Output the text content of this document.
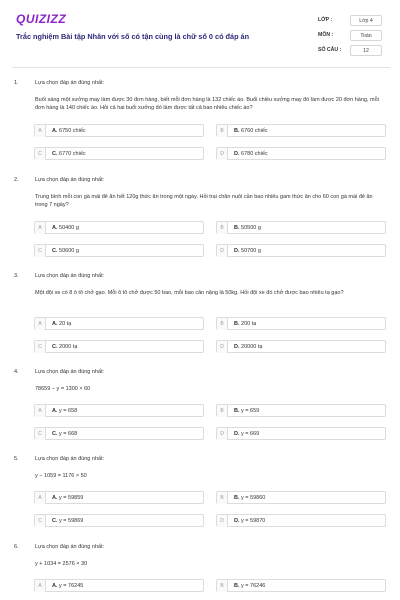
QUIZIZZ
Trắc nghiệm Bài tập Nhân với số có tận cùng là chữ số 0 có đáp án
LỚP :	Lớp 4
MÔN :	Toán
SỐ CÂU :	12
1.	Lựa chọn đáp án đúng nhất:
Buổi sáng một xưởng may làm được 30 đơn hàng, biết mỗi đơn hàng là 132 chiếc áo. Buổi chiều xưởng may đó làm được 20 đơn hàng, mỗi đơn hàng là 140 chiếc áo. Hỏi cả hai buổi xưởng đó làm được tất cả bao nhiêu chiếc áo?
A	A. 6750 chiếc	B	B. 6760 chiếc
C	C. 6770 chiếc	D	D. 6780 chiếc
2.	Lựa chọn đáp án đúng nhất:
Trung bình mỗi con gà mái đẻ ăn hết 120g thức ăn trong một ngày. Hỏi trại chăn nuôi cần bao nhiêu gam thức ăn cho 60 con gà mái đẻ ăn trong 7 ngày?
A	A. 50400 g	B	B. 50500 g
C	C. 50600 g	D	D. 50700 g
3.	Lựa chọn đáp án đúng nhất:
Một đội xe có 8 ô tô chở gạo. Mỗi ô tô chở được 50 bao, mỗi bao cân nặng là 50kg. Hỏi đội xe đó chở được bao nhiêu tạ gạo?
A	A. 20 tạ	B	B. 200 tạ
C	C. 2000 tạ	D	D. 20000 tạ
4.	Lựa chọn đáp án đúng nhất:
78659 − y = 1300 × 60
A	A. y = 658	B	B. y = 659
C	C. y = 668	D	D. y = 669
5.	Lựa chọn đáp án đúng nhất:
y − 1059 = 1176 × 50
A	A. y = 59859	B	B. y = 59860
C	C. y = 59869	D	D. y = 59870
6.	Lựa chọn đáp án đúng nhất:
y + 1034 = 2576 × 30
A	A. y = 76245	B	B. y = 76246
